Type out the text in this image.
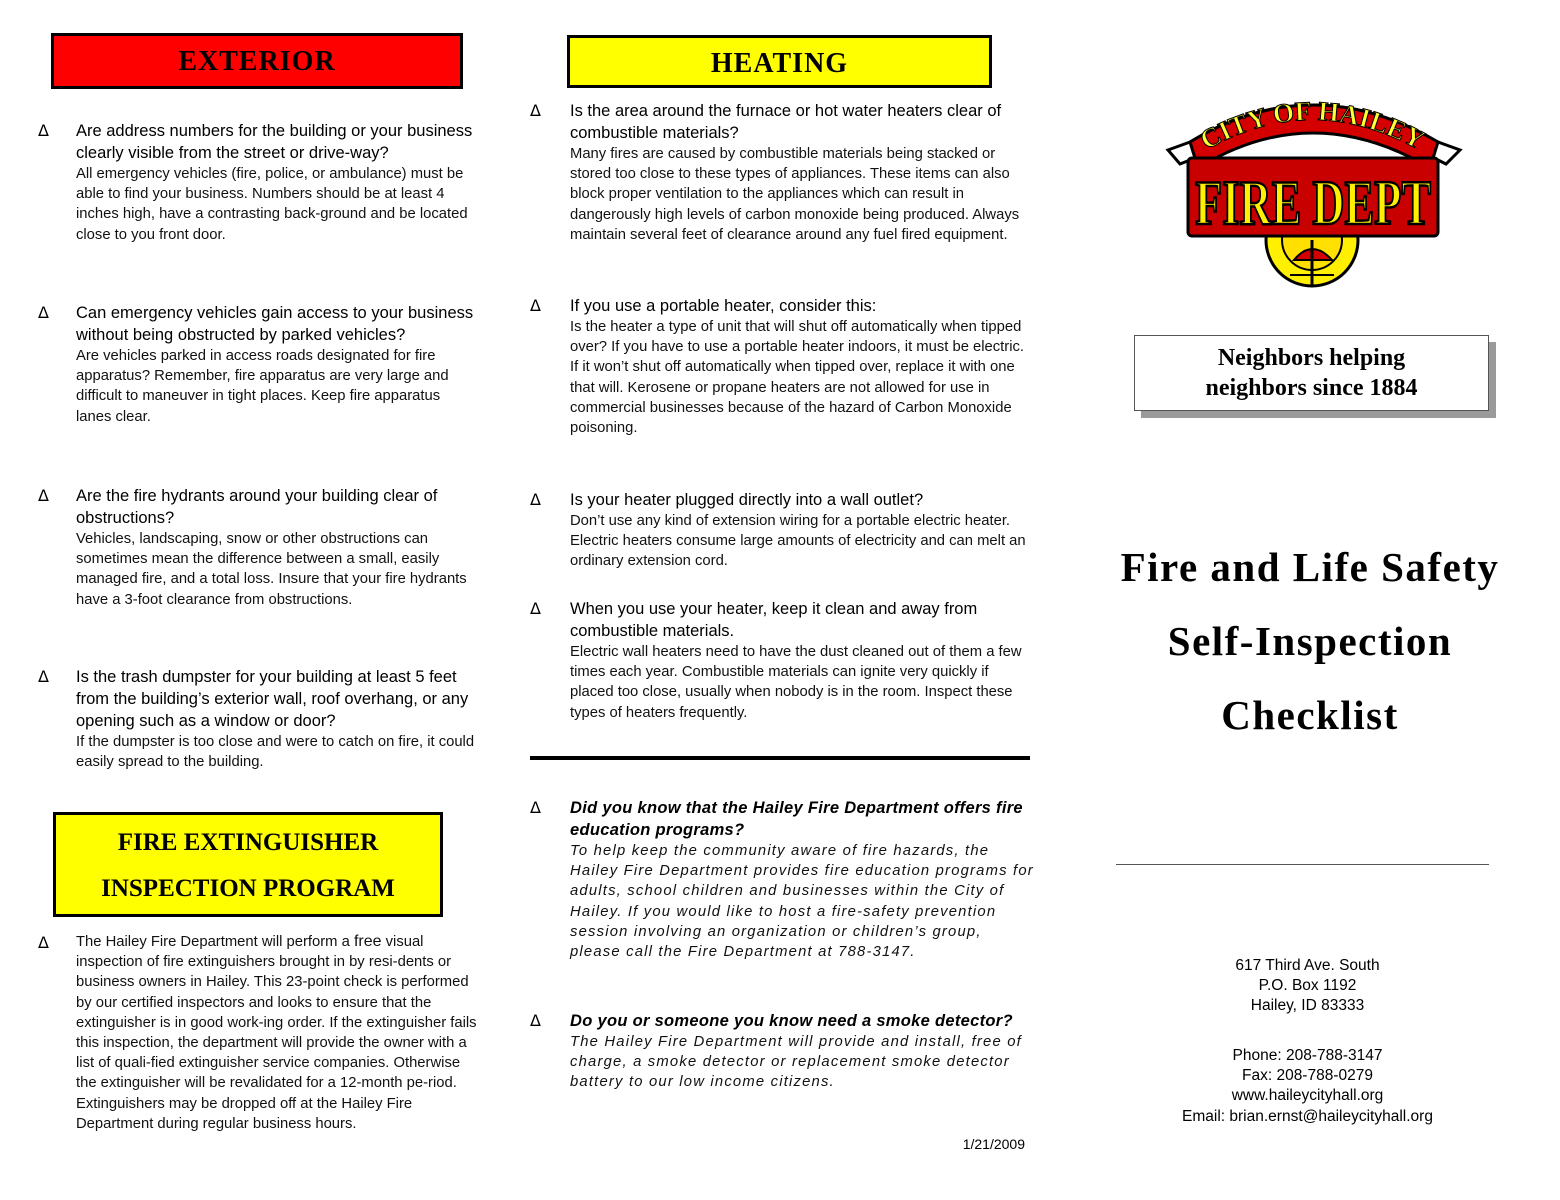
EXTERIOR
Δ Are address numbers for the building or your business clearly visible from the street or drive-way?
All emergency vehicles (fire, police, or ambulance) must be able to find your business. Numbers should be at least 4 inches high, have a contrasting back-ground and be located close to you front door.
Δ Can emergency vehicles gain access to your business without being obstructed by parked vehicles?
Are vehicles parked in access roads designated for fire apparatus? Remember, fire apparatus are very large and difficult to maneuver in tight places. Keep fire apparatus lanes clear.
Δ Are the fire hydrants around your building clear of obstructions?
Vehicles, landscaping, snow or other obstructions can sometimes mean the difference between a small, easily managed fire, and a total loss. Insure that your fire hydrants have a 3-foot clearance from obstructions.
Δ Is the trash dumpster for your building at least 5 feet from the building’s exterior wall, roof overhang, or any opening such as a window or door?
If the dumpster is too close and were to catch on fire, it could easily spread to the building.
FIRE EXTINGUISHER
INSPECTION PROGRAM
Δ The Hailey Fire Department will perform a free visual inspection of fire extinguishers brought in by resi-dents or business owners in Hailey. This 23-point check is performed by our certified inspectors and looks to ensure that the extinguisher is in good work-ing order. If the extinguisher fails this inspection, the department will provide the owner with a list of quali-fied extinguisher service companies. Otherwise the extinguisher will be revalidated for a 12-month pe-riod. Extinguishers may be dropped off at the Hailey Fire Department during regular business hours.
HEATING
Δ Is the area around the furnace or hot water heaters clear of combustible materials?
Many fires are caused by combustible materials being stacked or stored too close to these types of appliances. These items can also block proper ventilation to the appliances which can result in dangerously high levels of carbon monoxide being produced. Always maintain several feet of clearance around any fuel fired equipment.
Δ If you use a portable heater, consider this:
Is the heater a type of unit that will shut off automatically when tipped over? If you have to use a portable heater indoors, it must be electric. If it won’t shut off automatically when tipped over, replace it with one that will. Kerosene or propane heaters are not allowed for use in commercial businesses because of the hazard of Carbon Monoxide poisoning.
Δ Is your heater plugged directly into a wall outlet?
Don’t use any kind of extension wiring for a portable electric heater. Electric heaters consume large amounts of electricity and can melt an ordinary extension cord.
Δ When you use your heater, keep it clean and away from combustible materials.
Electric wall heaters need to have the dust cleaned out of them a few times each year. Combustible materials can ignite very quickly if placed too close, usually when nobody is in the room. Inspect these types of heaters frequently.
Δ Did you know that the Hailey Fire Department offers fire education programs?
To help keep the community aware of fire hazards, the Hailey Fire Department provides fire education programs for adults, school children and businesses within the City of Hailey. If you would like to host a fire-safety prevention session involving an organization or children’s group, please call the Fire Department at 788-3147.
Δ Do you or someone you know need a smoke detector?
The Hailey Fire Department will provide and install, free of charge, a smoke detector or replacement smoke detector battery to our low income citizens.
1/21/2009
CITY OF HAILEY
FIRE DEPT
Neighbors helping
neighbors since 1884
Fire and Life Safety
Self-Inspection
Checklist
617 Third Ave. South
P.O. Box 1192
Hailey, ID 83333
Phone: 208-788-3147
Fax: 208-788-0279
www.haileycityhall.org
Email: brian.ernst@haileycityhall.org
